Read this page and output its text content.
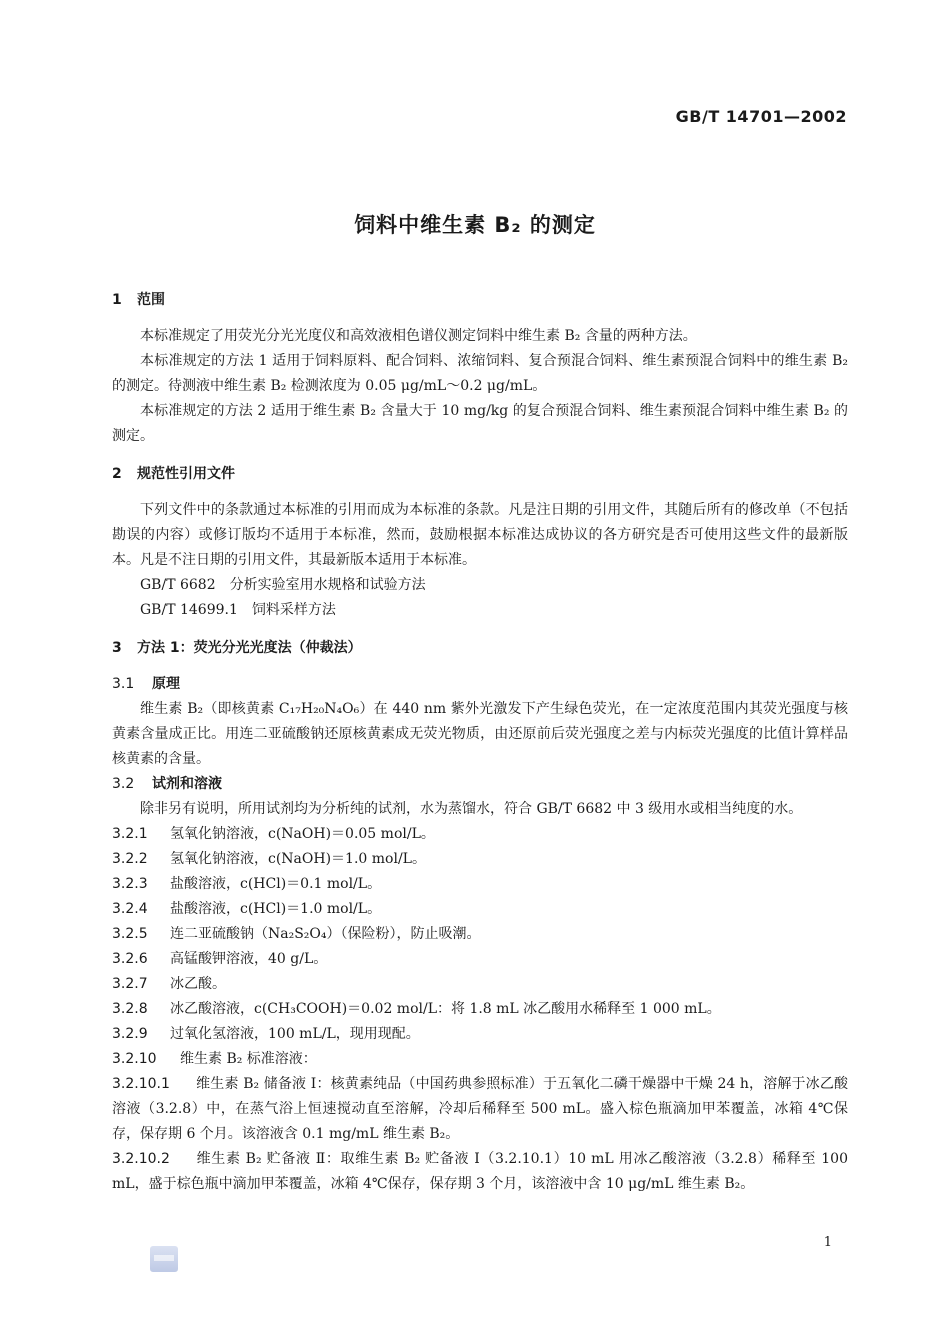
GB/T 14701—2002
饲料中维生素 B₂ 的测定
1 范围

本标准规定了用荧光分光光度仪和高效液相色谱仪测定饲料中维生素 B₂ 含量的两种方法。

本标准规定的方法 1 适用于饲料原料、配合饲料、浓缩饲料、复合预混合饲料、维生素预混合饲料中的维生素 B₂ 的测定。待测液中维生素 B₂ 检测浓度为 0.05 μg/mL～0.2 μg/mL。

本标准规定的方法 2 适用于维生素 B₂ 含量大于 10 mg/kg 的复合预混合饲料、维生素预混合饲料中维生素 B₂ 的测定。

2 规范性引用文件

下列文件中的条款通过本标准的引用而成为本标准的条款。凡是注日期的引用文件，其随后所有的修改单（不包括勘误的内容）或修订版均不适用于本标准，然而，鼓励根据本标准达成协议的各方研究是否可使用这些文件的最新版本。凡是不注日期的引用文件，其最新版本适用于本标准。

GB/T 6682　分析实验室用水规格和试验方法

GB/T 14699.1　饲料采样方法

3 方法 1：荧光分光光度法（仲裁法）
3.1 原理

维生素 B₂（即核黄素 C₁₇H₂₀N₄O₆）在 440 nm 紫外光激发下产生绿色荧光，在一定浓度范围内其荧光强度与核黄素含量成正比。用连二亚硫酸钠还原核黄素成无荧光物质，由还原前后荧光强度之差与内标荧光强度的比值计算样品核黄素的含量。

3.2 试剂和溶液

除非另有说明，所用试剂均为分析纯的试剂，水为蒸馏水，符合 GB/T 6682 中 3 级用水或相当纯度的水。

3.2.1 氢氧化钠溶液，c(NaOH)＝0.05 mol/L。

3.2.2 氢氧化钠溶液，c(NaOH)＝1.0 mol/L。

3.2.3 盐酸溶液，c(HCl)＝0.1 mol/L。

3.2.4 盐酸溶液，c(HCl)＝1.0 mol/L。

3.2.5 连二亚硫酸钠（Na₂S₂O₄）（保险粉），防止吸潮。

3.2.6 高锰酸钾溶液，40 g/L。

3.2.7 冰乙酸。

3.2.8 冰乙酸溶液，c(CH₃COOH)＝0.02 mol/L：将 1.8 mL 冰乙酸用水稀释至 1 000 mL。

3.2.9 过氧化氢溶液，100 mL/L，现用现配。

3.2.10 维生素 B₂ 标准溶液：

3.2.10.1 维生素 B₂ 储备液 Ⅰ：核黄素纯品（中国药典参照标准）于五氧化二磷干燥器中干燥 24 h，溶解于冰乙酸溶液（3.2.8）中，在蒸气浴上恒速搅动直至溶解，冷却后稀释至 500 mL。盛入棕色瓶滴加甲苯覆盖，冰箱 4℃保存，保存期 6 个月。该溶液含 0.1 mg/mL 维生素 B₂。

3.2.10.2 维生素 B₂ 贮备液 Ⅱ：取维生素 B₂ 贮备液 Ⅰ（3.2.10.1）10 mL 用冰乙酸溶液（3.2.8）稀释至 100 mL，盛于棕色瓶中滴加甲苯覆盖，冰箱 4℃保存，保存期 3 个月，该溶液中含 10 μg/mL 维生素 B₂。

1
